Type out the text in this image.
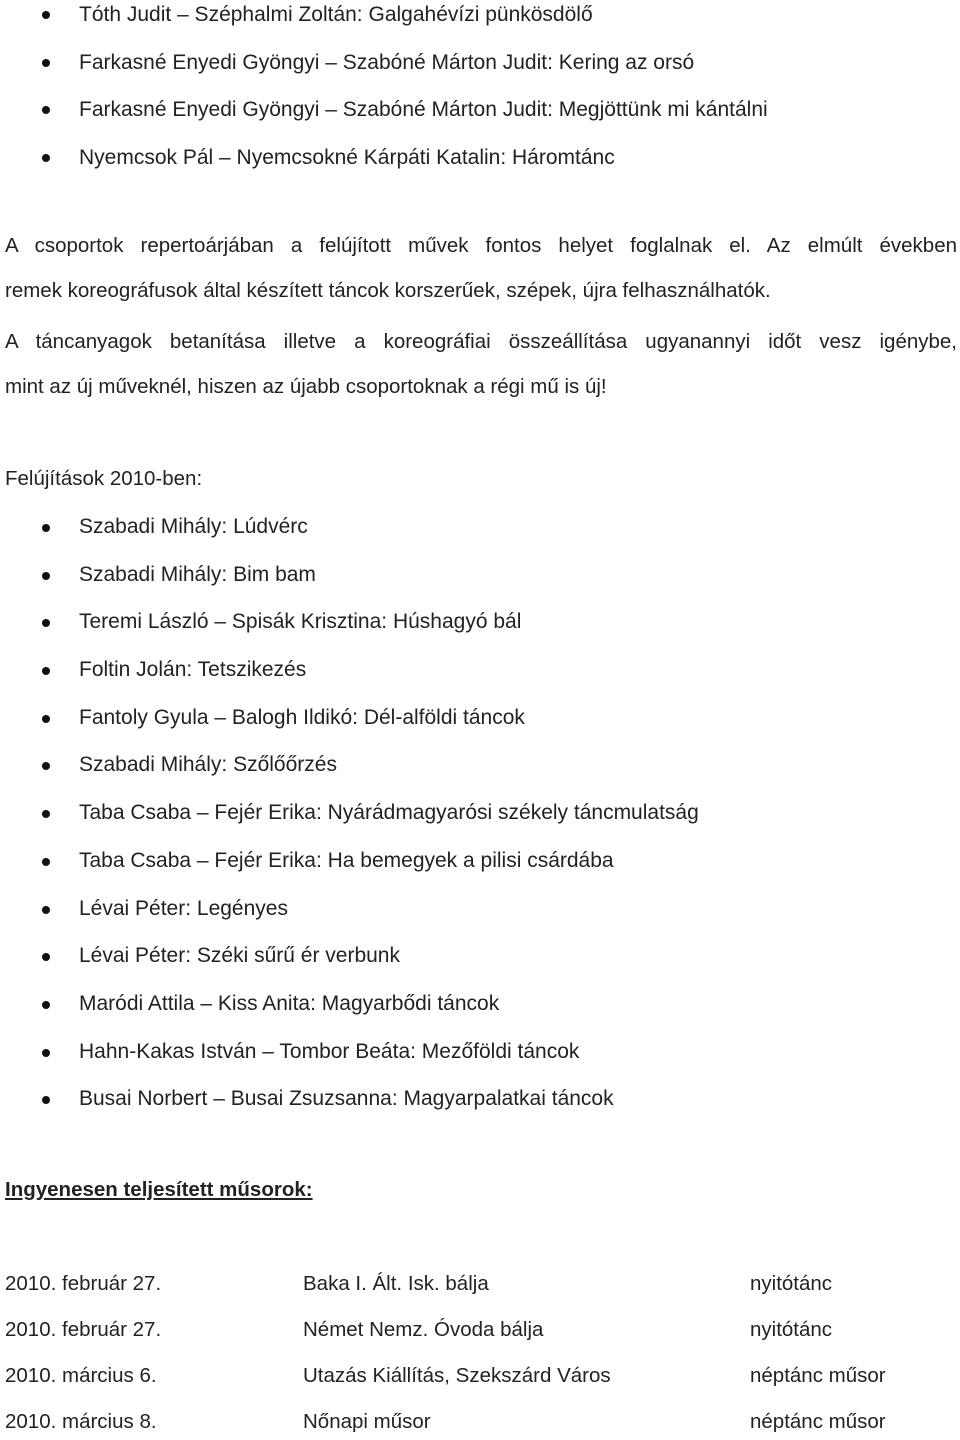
Tóth Judit – Széphalmi Zoltán: Galgahévízi pünkösdölő
Farkasné Enyedi Gyöngyi – Szabóné Márton Judit: Kering az orsó
Farkasné Enyedi Gyöngyi – Szabóné Márton Judit: Megjöttünk mi kántálni
Nyemcsok Pál – Nyemcsokné Kárpáti Katalin: Háromtánc
A csoportok repertoárjában a felújított művek fontos helyet foglalnak el. Az elmúlt években
remek koreográfusok által készített táncok korszerűek, szépek, újra felhasználhatók.
A táncanyagok betanítása illetve a koreográfiai összeállítása ugyanannyi időt vesz igénybe,
mint az új műveknél, hiszen az újabb csoportoknak a régi mű is új!
Felújítások 2010-ben:
Szabadi Mihály: Lúdvérc
Szabadi Mihály: Bim bam
Teremi László – Spisák Krisztina: Húshagyó bál
Foltin Jolán: Tetszikezés
Fantoly Gyula – Balogh Ildikó: Dél-alföldi táncok
Szabadi Mihály: Szőlőőrzés
Taba Csaba – Fejér Erika: Nyárádmagyarósi székely táncmulatság
Taba Csaba – Fejér Erika: Ha bemegyek a pilisi csárdába
Lévai Péter: Legényes
Lévai Péter: Széki sűrű ér verbunk
Maródi Attila – Kiss Anita: Magyarbődi táncok
Hahn-Kakas István – Tombor Beáta: Mezőföldi táncok
Busai Norbert – Busai Zsuzsanna: Magyarpalatkai táncok
Ingyenesen teljesített műsorok:
2010. február 27.	Baka I. Ált. Isk. bálja	nyitótánc
2010. február 27.	Német Nemz. Óvoda bálja	nyitótánc
2010. március 6.	Utazás Kiállítás, Szekszárd Város	néptánc műsor
2010. március 8.	Nőnapi műsor	néptánc műsor
